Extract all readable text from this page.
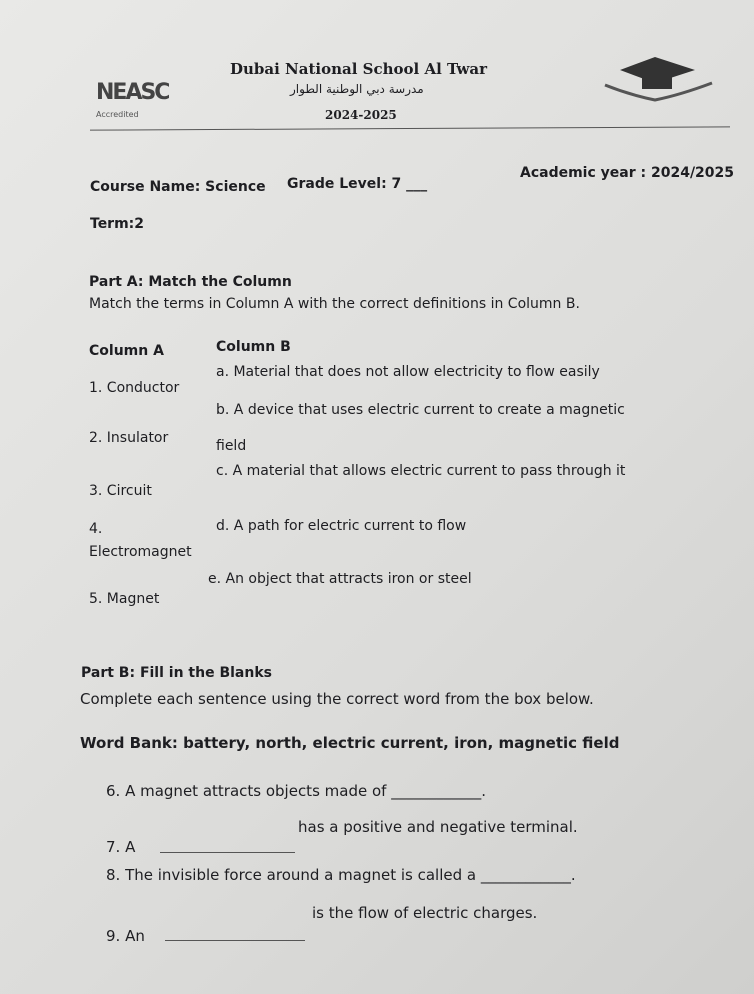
Dubai National School Al Twar
مدرسة دبي الوطنية الطوار
2024-2025
NEASC
Accredited
Course Name: Science Grade Level: 7 ___
Academic year : 2024/2025
Term:2
Part A: Match the Column
Match the terms in Column A with the correct definitions in Column B.
Column A	Column B
1. Conductor
a. Material that does not allow electricity to flow easily
2. Insulator
b. A device that uses electric current to create a magnetic
field
3. Circuit
c. A material that allows electric current to pass through it
4.
Electromagnet
d. A path for electric current to flow
5. Magnet
e. An object that attracts iron or steel
Part B: Fill in the Blanks
Complete each sentence using the correct word from the box below.
Word Bank: battery, north, electric current, iron, magnetic field
6. A magnet attracts objects made of ____________.
7. A
has a positive and negative terminal.
8. The invisible force around a magnet is called a ____________.
9. An
is the flow of electric charges.
